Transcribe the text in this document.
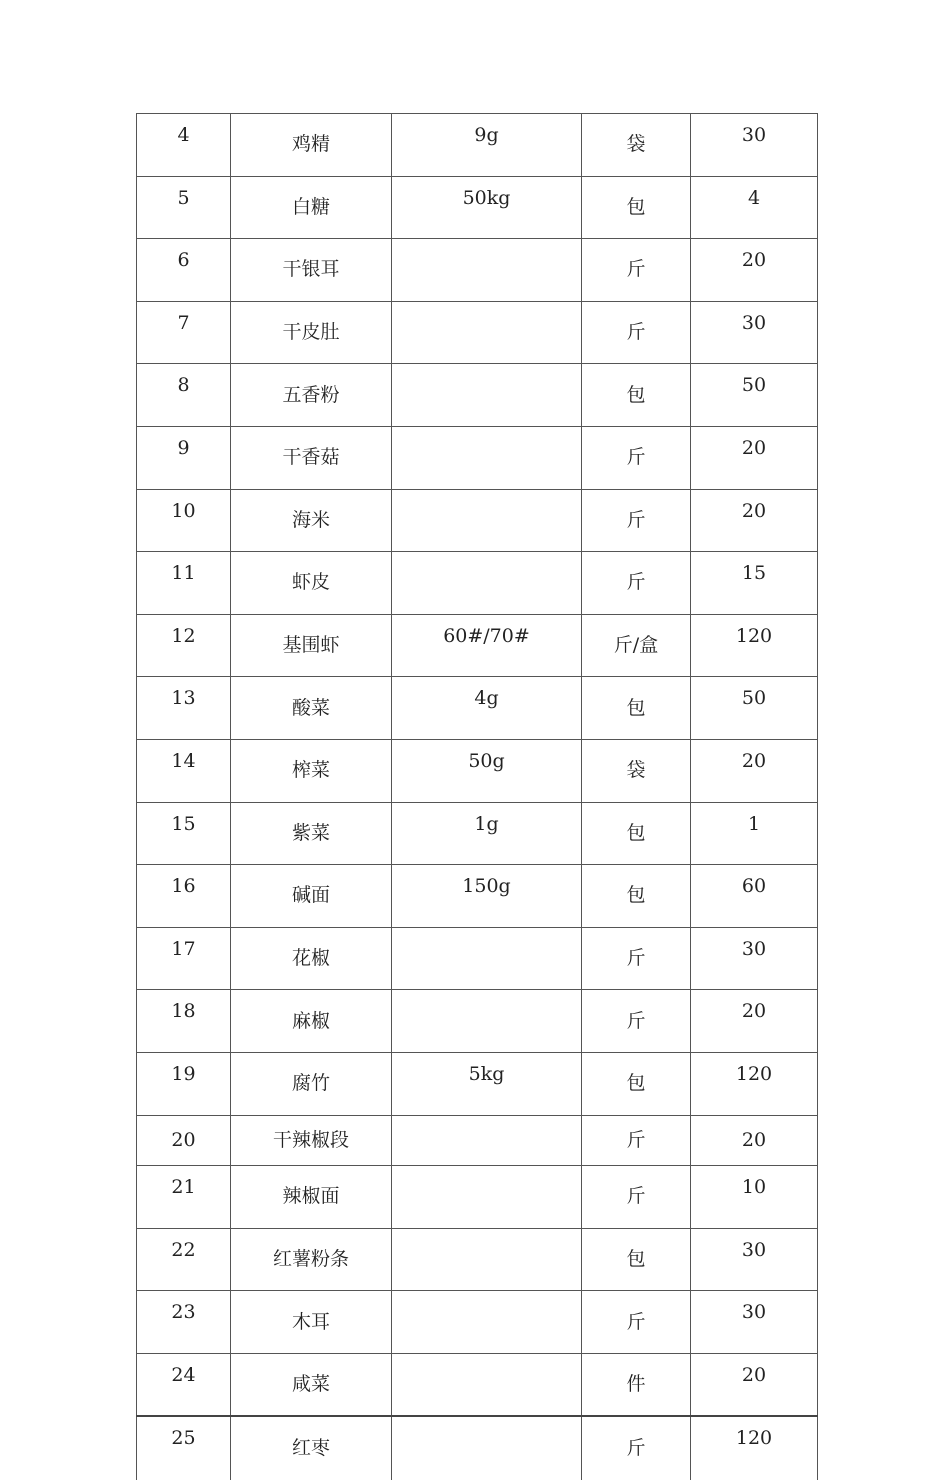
4	鸡精	9g	袋	30
5	白糖	50kg	包	4
6	干银耳		斤	20
7	干皮肚		斤	30
8	五香粉		包	50
9	干香菇		斤	20
10	海米		斤	20
11	虾皮		斤	15
12	基围虾	60#/70#	斤/盒	120
13	酸菜	4g	包	50
14	榨菜	50g	袋	20
15	紫菜	1g	包	1
16	碱面	150g	包	60
17	花椒		斤	30
18	麻椒		斤	20
19	腐竹	5kg	包	120
20	干辣椒段		斤	20
21	辣椒面		斤	10
22	红薯粉条		包	30
23	木耳		斤	30
24	咸菜		件	20
25	红枣		斤	120
